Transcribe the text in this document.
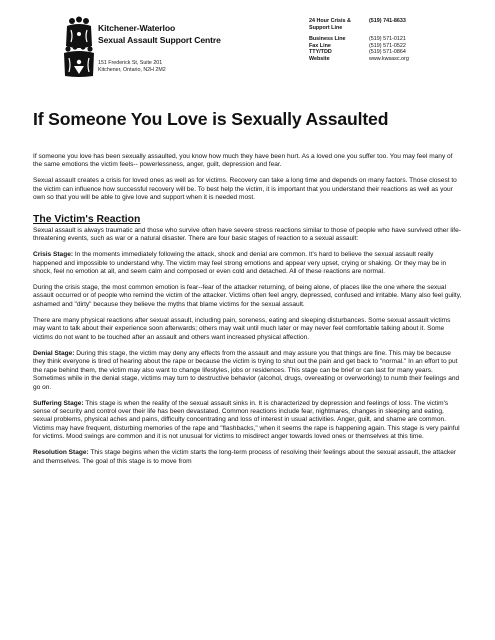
Kitchener-Waterloo
Sexual Assault Support Centre
151 Frederick St, Suite 201
Kitchener, Ontario, N2H 2M2
24 Hour Crisis &	(519) 741-8633
Support Line
Business Line	(519) 571-0121
Fax Line	(519) 571-0522
TTY/TDD	(519) 571-0864
Website	www.kwsasc.org
If Someone You Love is Sexually Assaulted

If someone you love has been sexually assaulted, you know how much they have been hurt. As a loved one you suffer too. You may feel many of the same emotions the victim feels-- powerlessness, anger, guilt, depression and fear.

Sexual assault creates a crisis for loved ones as well as for victims. Recovery can take a long time and depends on many factors. Those closest to the victim can influence how successful recovery will be. To best help the victim, it is important that you understand their reactions as well as your own so that you will be able to give love and support when it is needed most.

The Victim's Reaction

Sexual assault is always traumatic and those who survive often have severe stress reactions similar to those of people who have survived other life-threatening events, such as war or a natural disaster. There are four basic stages of reaction to a sexual assault:

Crisis Stage: In the moments immediately following the attack, shock and denial are common. It's hard to believe the sexual assault really happened and impossible to understand why. The victim may feel strong emotions and appear very upset, crying or shaking. Or they may be in shock, feel no emotion at all, and seem calm and composed or even cold and detached. All of these reactions are normal.

During the crisis stage, the most common emotion is fear--fear of the attacker returning, of being alone, of places like the one where the sexual assault occurred or of people who remind the victim of the attacker. Victims often feel angry, depressed, confused and irritable. Many also feel guilty, ashamed and "dirty" because they believe the myths that blame victims for the sexual assault.

There are many physical reactions after sexual assault, including pain, soreness, eating and sleeping disturbances. Some sexual assault victims may want to talk about their experience soon afterwards; others may wait until much later or may never feel comfortable talking about it. Some victims do not want to be touched after an assault and others want increased physical affection.

Denial Stage: During this stage, the victim may deny any effects from the assault and may assure you that things are fine. This may be because they think everyone is tired of hearing about the rape or because the victim is trying to shut out the pain and get back to "normal." In an effort to put the rape behind them, the victim may also want to change lifestyles, jobs or residences. This stage can be brief or can last for many years. Sometimes while in the denial stage, victims may turn to destructive behavior (alcohol, drugs, overeating or overworking) to numb their feelings and go on.

Suffering Stage: This stage is when the reality of the sexual assault sinks in. It is characterized by depression and feelings of loss. The victim's sense of security and control over their life has been devastated. Common reactions include fear, nightmares, changes in sleeping and eating, sexual problems, physical aches and pains, difficulty concentrating and loss of interest in usual activities. Anger, guilt, and shame are common. Victims may have frequent, disturbing memories of the rape and "flashbacks," when it seems the rape is happening again. This stage is very painful for victims. Mood swings are common and it is not unusual for victims to misdirect anger towards loved ones or themselves at this time.

Resolution Stage: This stage begins when the victim starts the long-term process of resolving their feelings about the sexual assault, the attacker and themselves. The goal of this stage is to move from
